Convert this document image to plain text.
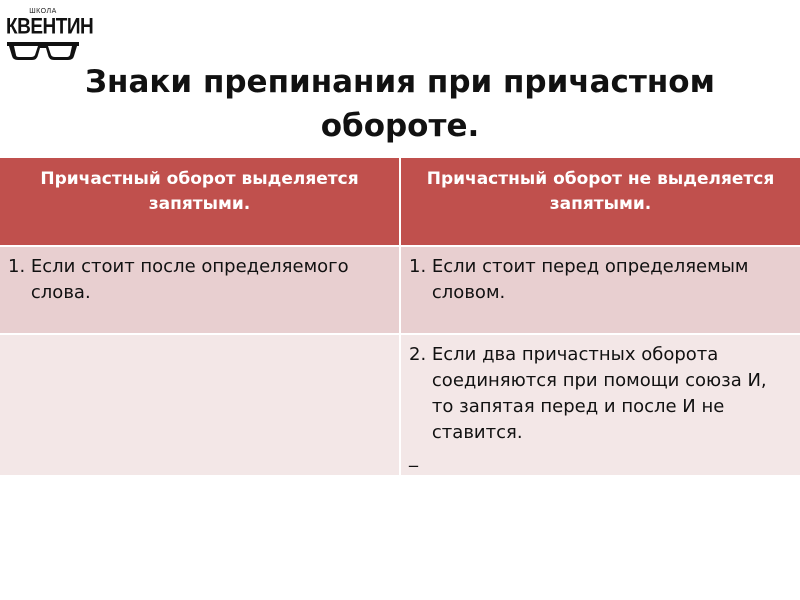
ШКОЛА
КВЕНТИН
Знаки препинания при причастном
обороте.
Причастный оборот выделяется запятыми.	Причастный оборот не выделяется запятыми.

1. Если стоит после определяемого слова.	1. Если стоит перед определяемым словом.

	2. Если два причастных оборота соединяются при помощи союза И, то запятая перед и после И не ставится.
_
